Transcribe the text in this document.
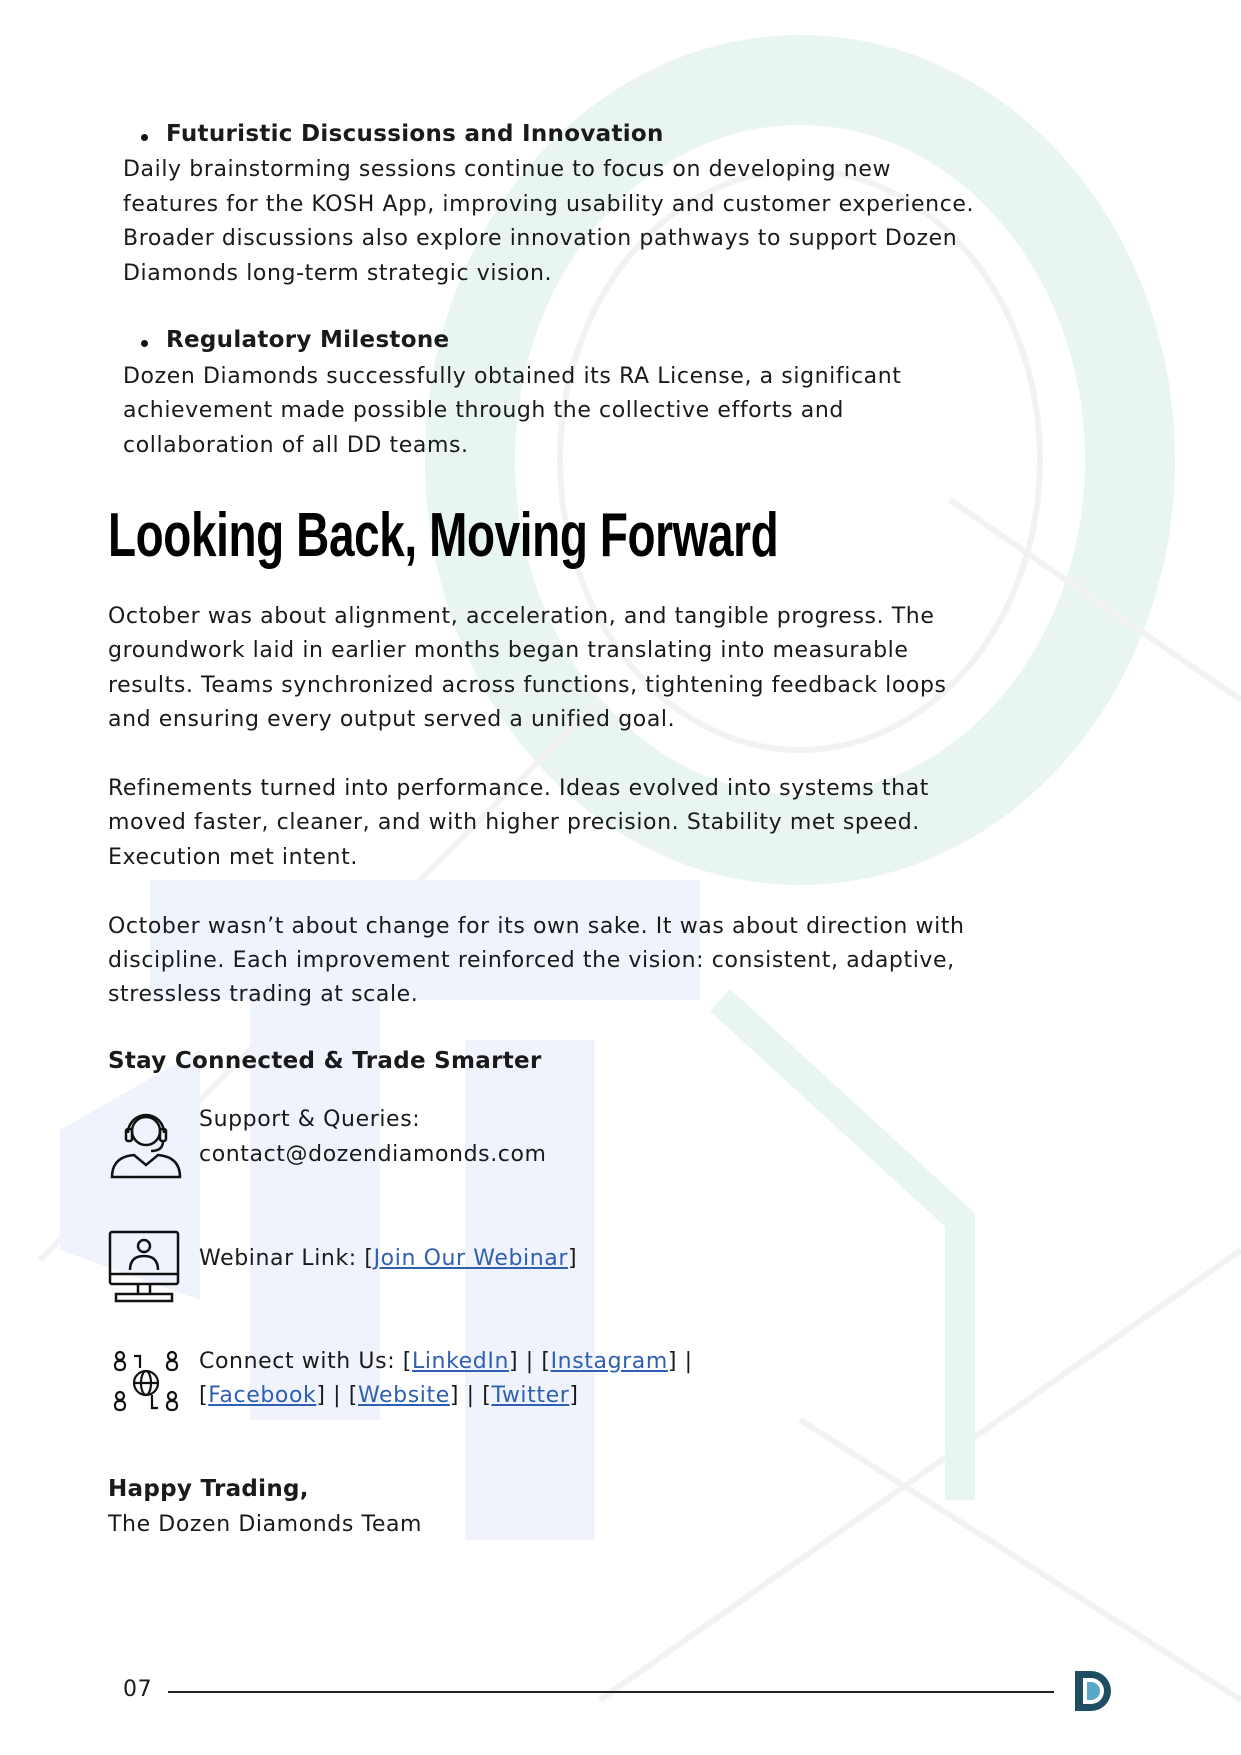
Futuristic Discussions and Innovation
Daily brainstorming sessions continue to focus on developing new
features for the KOSH App, improving usability and customer experience.
Broader discussions also explore innovation pathways to support Dozen
Diamonds long-term strategic vision.
Regulatory Milestone
Dozen Diamonds successfully obtained its RA License, a significant
achievement made possible through the collective efforts and
collaboration of all DD teams.
Looking Back, Moving Forward
October was about alignment, acceleration, and tangible progress. The
groundwork laid in earlier months began translating into measurable
results. Teams synchronized across functions, tightening feedback loops
and ensuring every output served a unified goal.
Refinements turned into performance. Ideas evolved into systems that
moved faster, cleaner, and with higher precision. Stability met speed.
Execution met intent.
October wasn’t about change for its own sake. It was about direction with
discipline. Each improvement reinforced the vision: consistent, adaptive,
stressless trading at scale.
Stay Connected & Trade Smarter
Support & Queries:
contact@dozendiamonds.com
Webinar Link: [Join Our Webinar]
Connect with Us: [LinkedIn] | [Instagram] |
[Facebook] | [Website] | [Twitter]
Happy Trading,
The Dozen Diamonds Team
07
